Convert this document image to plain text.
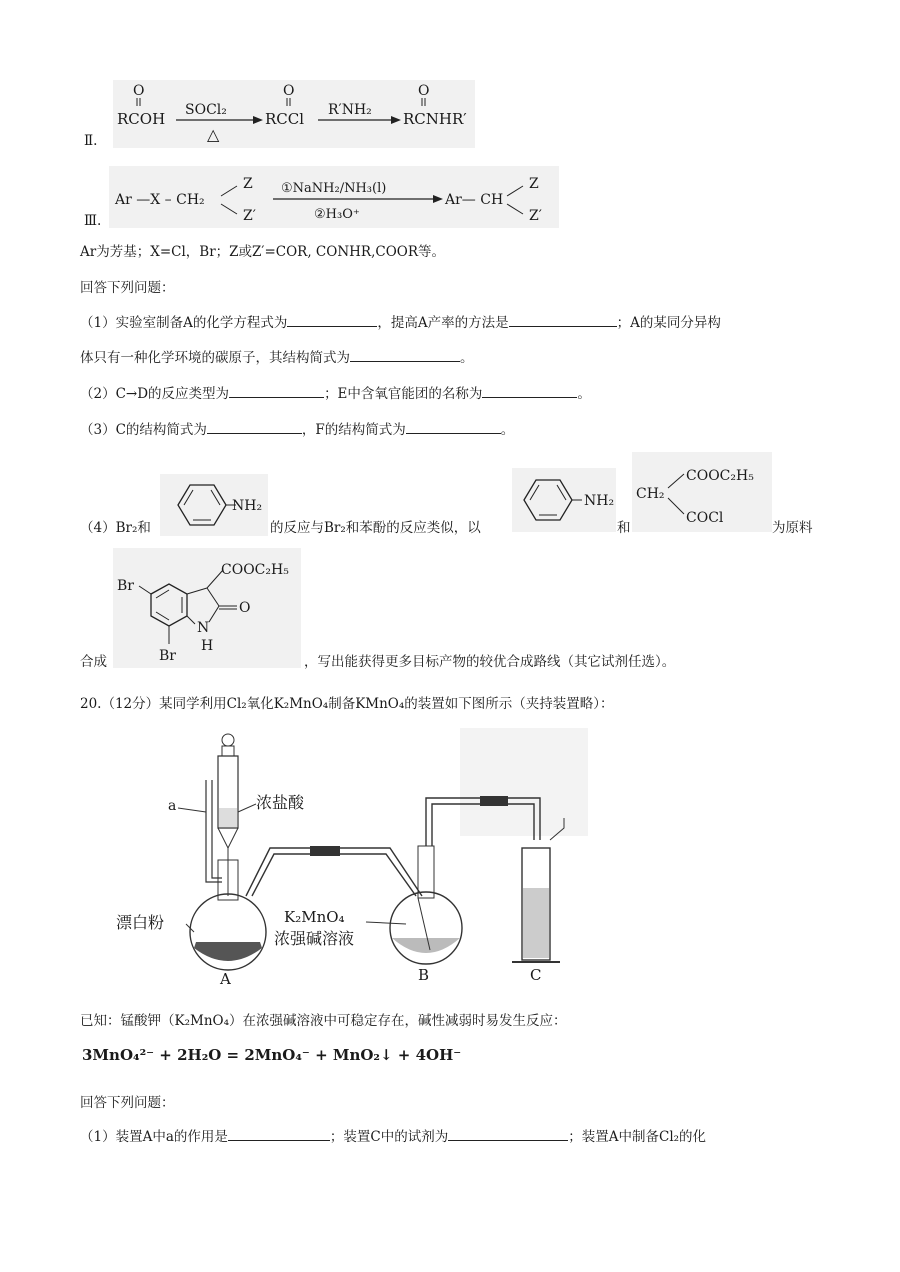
Ⅱ.
O
RCOH SOCl₂
△
O
RCCl R′NH₂
O
RCNHR′
Ⅲ.
Ar —X – CH₂
Z
Z′
①NaNH₂/NH₃(l)
②H₃O⁺
Ar— CH
Z
Z′
Ar为芳基；X=Cl，Br；Z或Z′=COR, CONHR,COOR等。
回答下列问题：
（1）实验室制备A的化学方程式为	，提高A产率的方法是	；A的某同分异构
体只有一种化学环境的碳原子，其结构简式为	。
（2）C→D的反应类型为	；E中含氧官能团的名称为	。
（3）C的结构简式为	，F的结构简式为	。
（4）Br₂和
NH₂
的反应与Br₂和苯酚的反应类似，以
NH₂
和
CH₂
COOC₂H₅
COCl
为原料
Br
COOC₂H₅
O
N
H
Br
合成	，写出能获得更多目标产物的较优合成路线（其它试剂任选）。
20.（12分）某同学利用Cl₂氧化K₂MnO₄制备KMnO₄的装置如下图所示（夹持装置略）：
a	浓盐酸
漂白粉
A
K₂MnO₄
浓强碱溶液
B	C
已知：锰酸钾（K₂MnO₄）在浓强碱溶液中可稳定存在，碱性减弱时易发生反应：
3MnO₄²⁻ + 2H₂O = 2MnO₄⁻ + MnO₂↓ + 4OH⁻
回答下列问题：
（1）装置A中a的作用是	；装置C中的试剂为	；装置A中制备Cl₂的化
